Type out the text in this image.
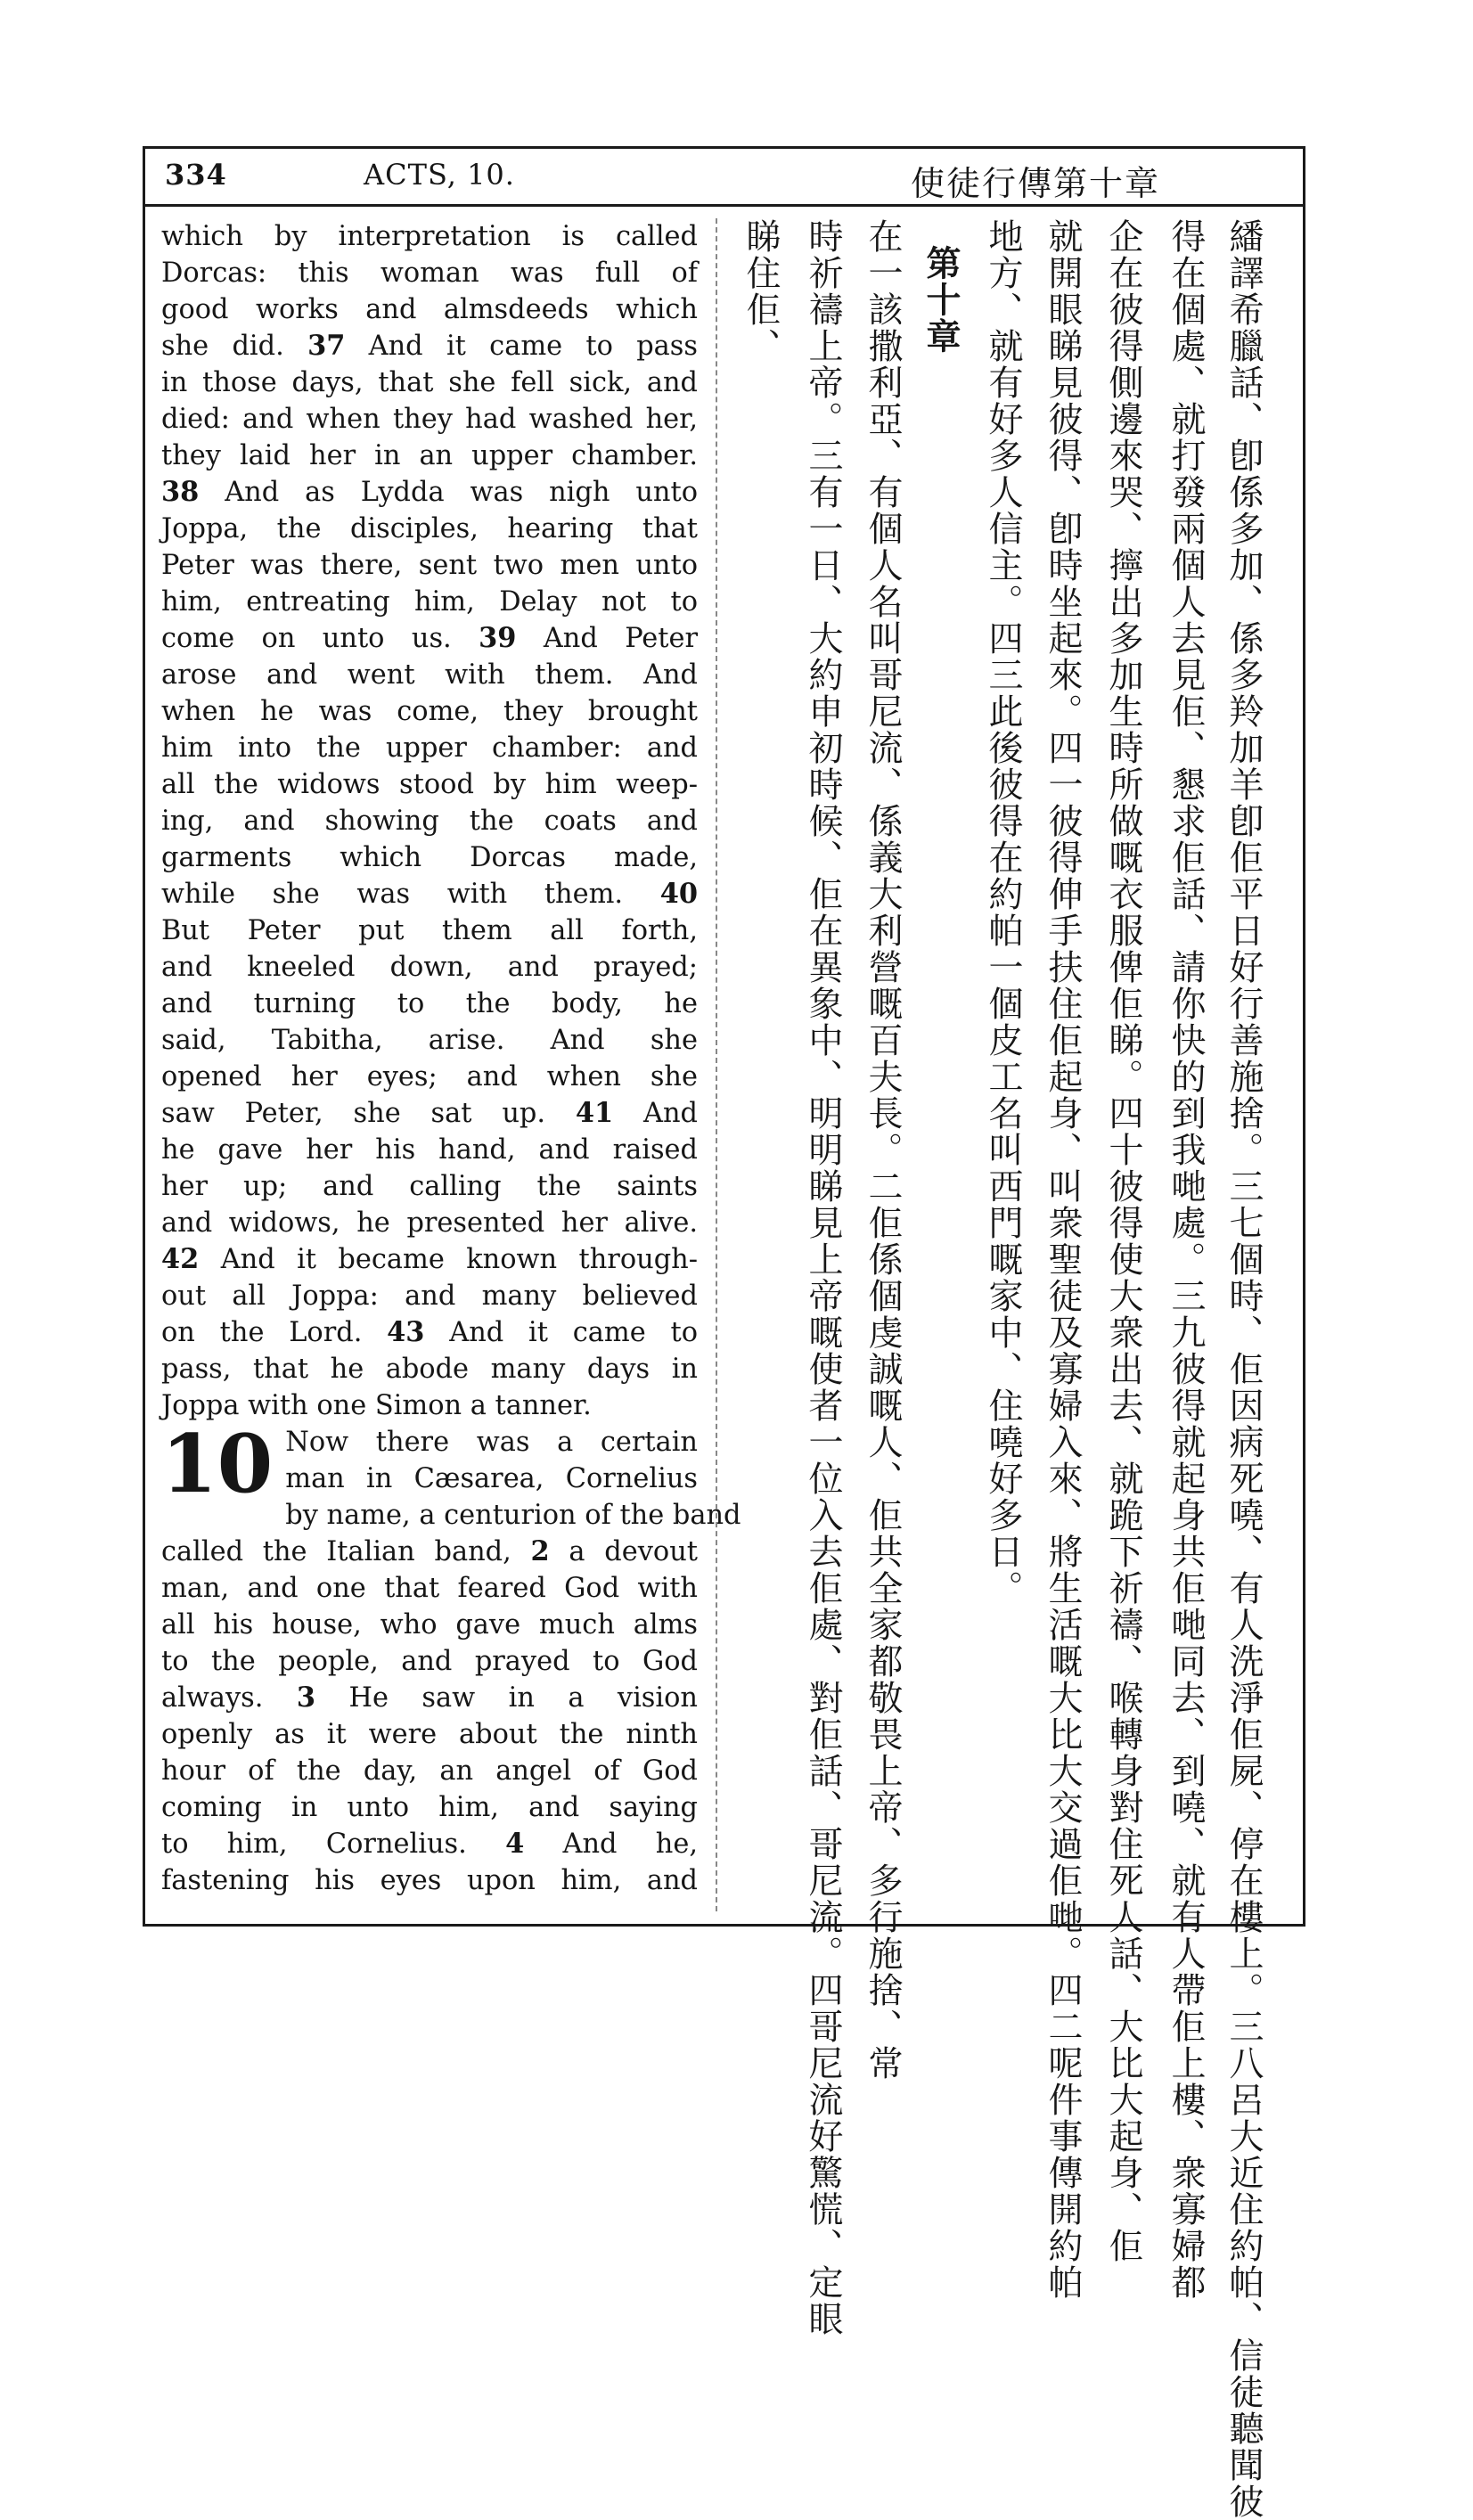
334	ACTS, 10.	使徒行傳第十章
which by interpretation is called
Dorcas: this woman was full of
good works and almsdeeds which
she did. 37 And it came to pass
in those days, that she fell sick, and
died: and when they had washed her,
they laid her in an upper chamber.
38 And as Lydda was nigh unto
Joppa, the disciples, hearing that
Peter was there, sent two men unto
him, entreating him, Delay not to
come on unto us. 39 And Peter
arose and went with them. And
when he was come, they brought
him into the upper chamber: and
all the widows stood by him weep-
ing, and showing the coats and
garments which Dorcas made,
while she was with them. 40
But Peter put them all forth,
and kneeled down, and prayed;
and turning to the body, he
said, Tabitha, arise. And she
opened her eyes; and when she
saw Peter, she sat up. 41 And
he gave her his hand, and raised
her up; and calling the saints
and widows, he presented her alive.
42 And it became known through-
out all Joppa: and many believed
on the Lord. 43 And it came to
pass, that he abode many days in
Joppa with one Simon a tanner.
10 Now there was a certain
man in Cæsarea, Cornelius
by name, a centurion of the band
called the Italian band, 2 a devout
man, and one that feared God with
all his house, who gave much alms
to the people, and prayed to God
always. 3 He saw in a vision
openly as it were about the ninth
hour of the day, an angel of God
coming in unto him, and saying
to him, Cornelius. 4 And he,
fastening his eyes upon him, and	繙譯希臘話、卽係多加、係多羚加羊卽佢平日好行善施捨。三七個時、佢因病死嘵、有人洗淨佢屍、停在樓上。三八呂大近住約帕、信徒聽聞彼
得在個處、就打發兩個人去見佢、懇求佢話、請你快的到我哋處。三九彼得就起身共佢哋同去、到嘵、就有人帶佢上樓、衆寡婦都
企在彼得側邊來哭、擰出多加生時所做嘅衣服俾佢睇。四十彼得使大衆出去、就跪下祈禱、喉轉身對住死人話、大比大起身、佢
就開眼睇見彼得、卽時坐起來。四一彼得伸手扶住佢起身、叫衆聖徒及寡婦入來、將生活嘅大比大交過佢哋。四二呢件事傳開約帕
地方、就有好多人信主。四三此後彼得在約帕一個皮工名叫西門嘅家中、住嘵好多日。
第十章
在一該撒利亞、有個人名叫哥尼流、係義大利營嘅百夫長。二佢係個虔誠嘅人、佢共全家都敬畏上帝、多行施捨、常
時祈禱上帝。三有一日、大約申初時候、佢在異象中、明明睇見上帝嘅使者一位入去佢處、對佢話、哥尼流。四哥尼流好驚慌、定眼
睇住佢、
